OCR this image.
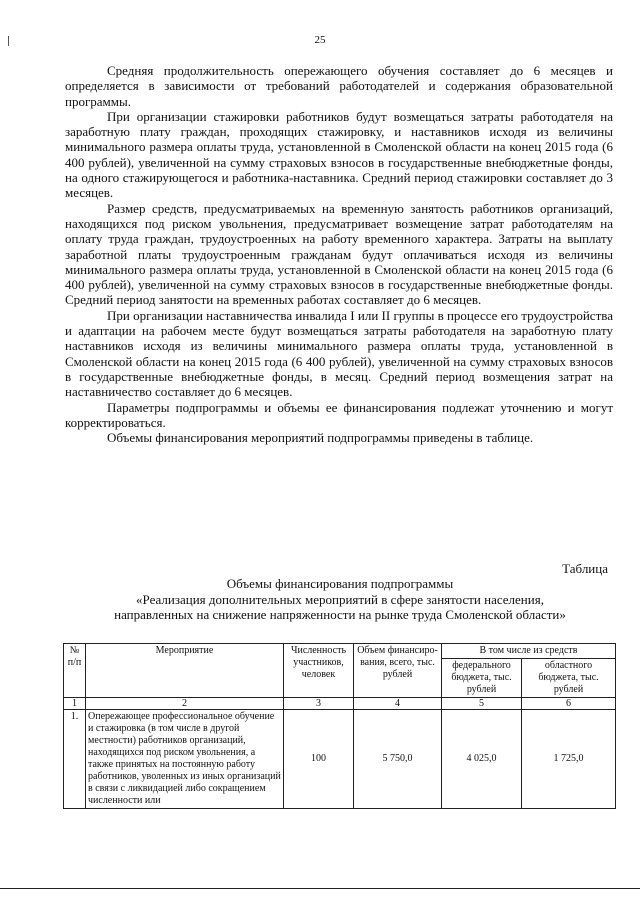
25

Средняя продолжительность опережающего обучения составляет до 6 месяцев и определяется в зависимости от требований работодателей и содержания образовательной программы.

При организации стажировки работников будут возмещаться затраты работодателя на заработную плату граждан, проходящих стажировку, и наставников исходя из величины минимального размера оплаты труда, установленной в Смоленской области на конец 2015 года (6 400 рублей), увеличенной на сумму страховых взносов в государственные внебюджетные фонды, на одного стажирующегося и работника-наставника. Средний период стажировки составляет до 3 месяцев.

Размер средств, предусматриваемых на временную занятость работников организаций, находящихся под риском увольнения, предусматривает возмещение затрат работодателям на оплату труда граждан, трудоустроенных на работу временного характера. Затраты на выплату заработной платы трудоустроенным гражданам будут оплачиваться исходя из величины минимального размера оплаты труда, установленной в Смоленской области на конец 2015 года (6 400 рублей), увеличенной на сумму страховых взносов в государственные внебюджетные фонды. Средний период занятости на временных работах составляет до 6 месяцев.

При организации наставничества инвалида I или II группы в процессе его трудоустройства и адаптации на рабочем месте будут возмещаться затраты работодателя на заработную плату наставников исходя из величины минимального размера оплаты труда, установленной в Смоленской области на конец 2015 года (6 400 рублей), увеличенной на сумму страховых взносов в государственные внебюджетные фонды, в месяц. Средний период возмещения затрат на наставничество составляет до 6 месяцев.

Параметры подпрограммы и объемы ее финансирования подлежат уточнению и могут корректироваться.

Объемы финансирования мероприятий подпрограммы приведены в таблице.

Таблица
Объемы финансирования подпрограммы
«Реализация дополнительных мероприятий в сфере занятости населения,
направленных на снижение напряженности на рынке труда Смоленской области»
№ п/п	Мероприятие	Численность участников, человек	Объем финансиро-вания, всего, тыс. рублей	В том числе из средств	
				федерального бюджета, тыс. рублей	областного бюджета, тыс. рублей
1	2	3	4	5	6
1.	Опережающее профессиональное обучение и стажировка (в том числе в другой местности) работников организаций, находящихся под риском увольнения, а также принятых на постоянную работу работников, уволенных из иных организаций в связи с ликвидацией либо сокращением численности или	100	5 750,0	4 025,0	1 725,0
